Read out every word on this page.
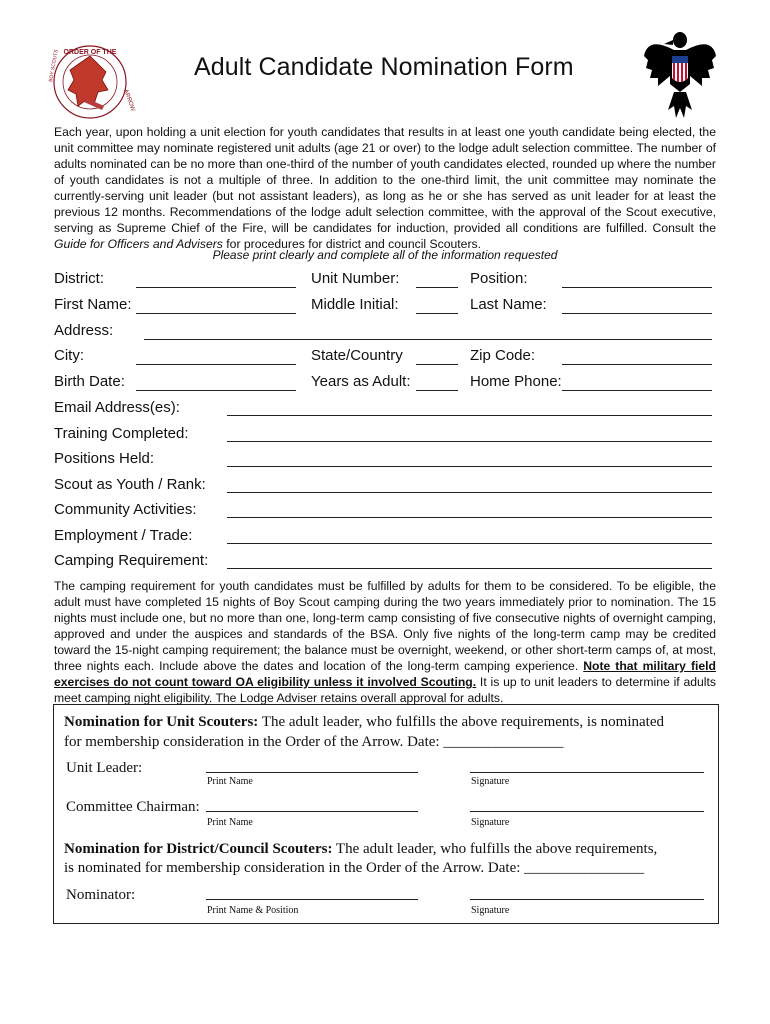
ORDER OF THE
ARROW
BOY SCOUTS	Adult Candidate Nomination Form
Each year, upon holding a unit election for youth candidates that results in at least one youth candidate being elected, the unit committee may nominate registered unit adults (age 21 or over) to the lodge adult selection committee. The number of adults nominated can be no more than one-third of the number of youth candidates elected, rounded up where the number of youth candidates is not a multiple of three. In addition to the one-third limit, the unit committee may nominate the currently-serving unit leader (but not assistant leaders), as long as he or she has served as unit leader for at least the previous 12 months. Recommendations of the lodge adult selection committee, with the approval of the Scout executive, serving as Supreme Chief of the Fire, will be candidates for induction, provided all conditions are fulfilled. Consult the Guide for Officers and Advisers for procedures for district and council Scouters.
Please print clearly and complete all of the information requested
District:	Unit Number:	Position:
First Name:	Middle Initial:	Last Name:
Address:
City:	State/Country	Zip Code:
Birth Date:	Years as Adult:	Home Phone:
Email Address(es):
Training Completed:
Positions Held:
Scout as Youth / Rank:
Community Activities:
Employment / Trade:
Camping Requirement:
The camping requirement for youth candidates must be fulfilled by adults for them to be considered. To be eligible, the adult must have completed 15 nights of Boy Scout camping during the two years immediately prior to nomination. The 15 nights must include one, but no more than one, long-term camp consisting of five consecutive nights of overnight camping, approved and under the auspices and standards of the BSA. Only five nights of the long-term camp may be credited toward the 15-night camping requirement; the balance must be overnight, weekend, or other short-term camps of, at most, three nights each. Include above the dates and location of the long-term camping experience. Note that military field exercises do not count toward OA eligibility unless it involved Scouting. It is up to unit leaders to determine if adults meet camping night eligibility. The Lodge Adviser retains overall approval for adults.
Nomination for Unit Scouters: The adult leader, who fulfills the above requirements, is nominated
for membership consideration in the Order of the Arrow. Date: ________________
Unit Leader:
Print Name	Signature
Committee Chairman:
Print Name	Signature
Nomination for District/Council Scouters: The adult leader, who fulfills the above requirements,
is nominated for membership consideration in the Order of the Arrow. Date: ________________
Nominator:
Print Name & Position	Signature
